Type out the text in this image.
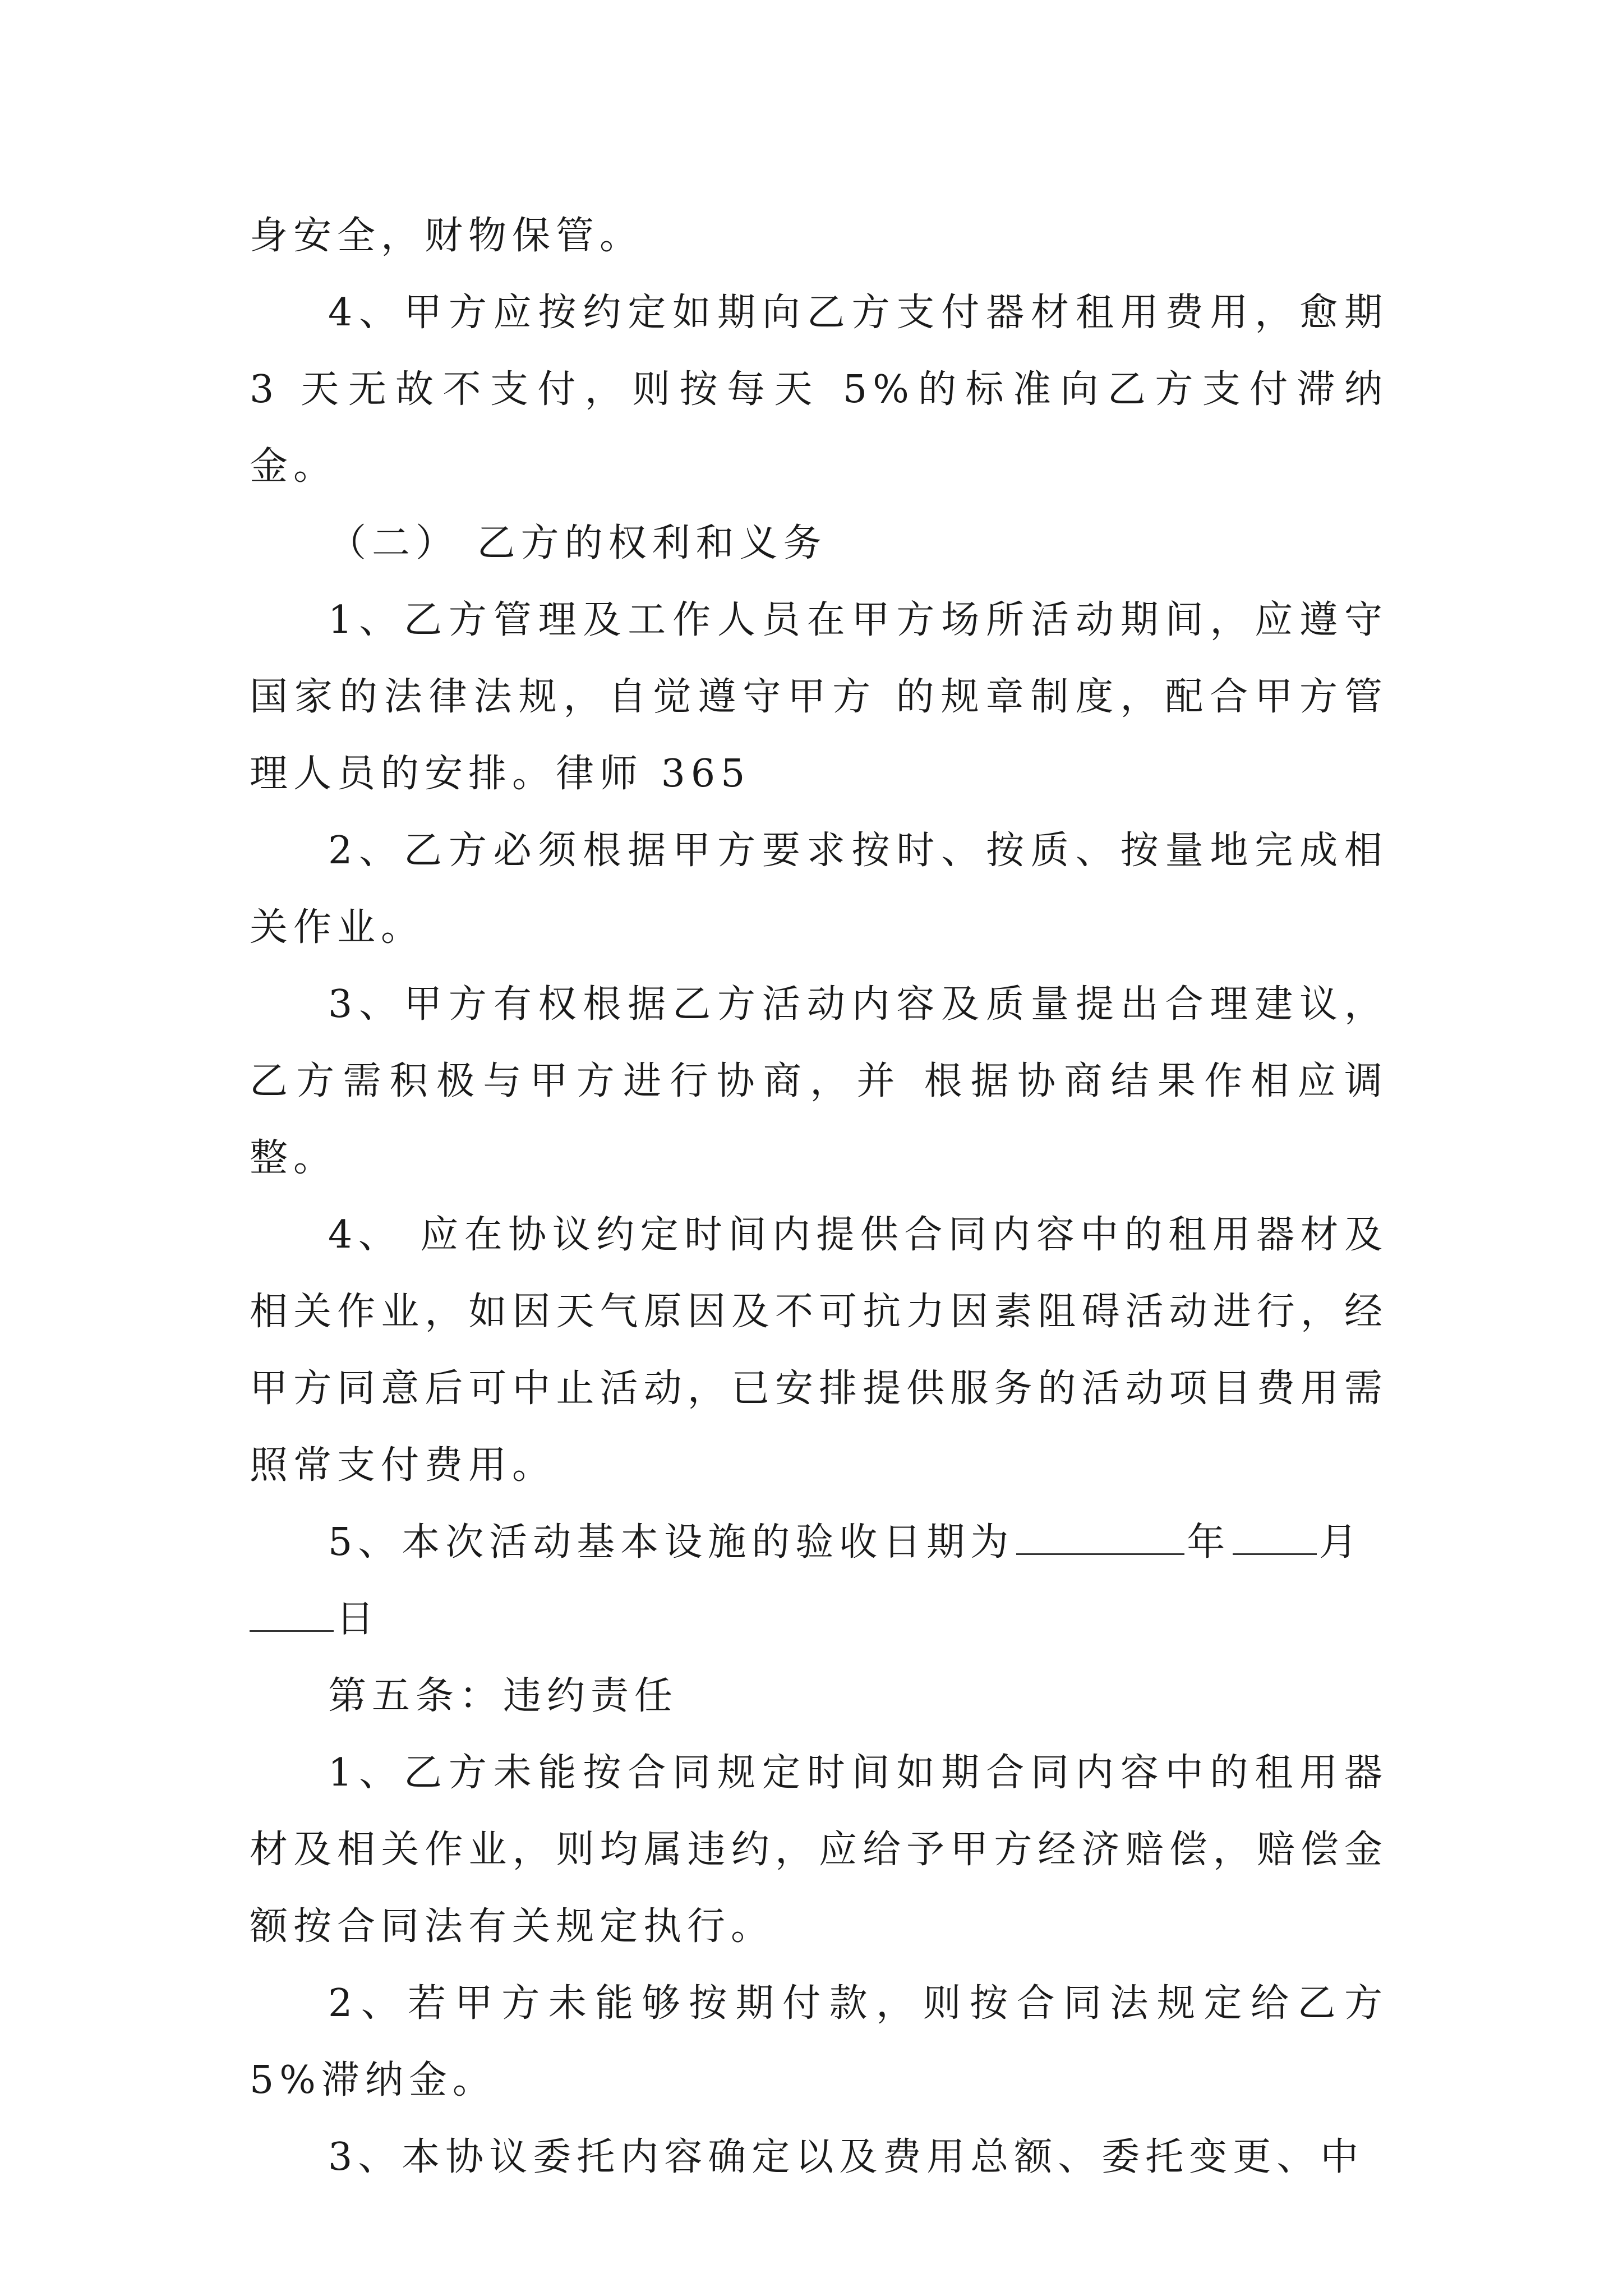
身安全，财物保管。

4、甲方应按约定如期向乙方支付器材租用费用，愈期 3 天无故不支付，则按每天 5%的标准向乙方支付滞纳金。

（二） 乙方的权利和义务

1、乙方管理及工作人员在甲方场所活动期间，应遵守国家的法律法规，自觉遵守甲方 的规章制度，配合甲方管理人员的安排。律师 365

2、乙方必须根据甲方要求按时、按质、按量地完成相关作业。

3、甲方有权根据乙方活动内容及质量提出合理建议，乙方需积极与甲方进行协商，并 根据协商结果作相应调整。

4、 应在协议约定时间内提供合同内容中的租用器材及相关作业，如因天气原因及不可抗力因素阻碍活动进行，经甲方同意后可中止活动，已安排提供服务的活动项目费用需照常支付费用。

5、本次活动基本设施的验收日期为	年 月
日

第五条：违约责任

1、乙方未能按合同规定时间如期合同内容中的租用器材及相关作业，则均属违约，应给予甲方经济赔偿，赔偿金额按合同法有关规定执行。

2、若甲方未能够按期付款，则按合同法规定给乙方 5%滞纳金。

3、本协议委托内容确定以及费用总额、委托变更、中
